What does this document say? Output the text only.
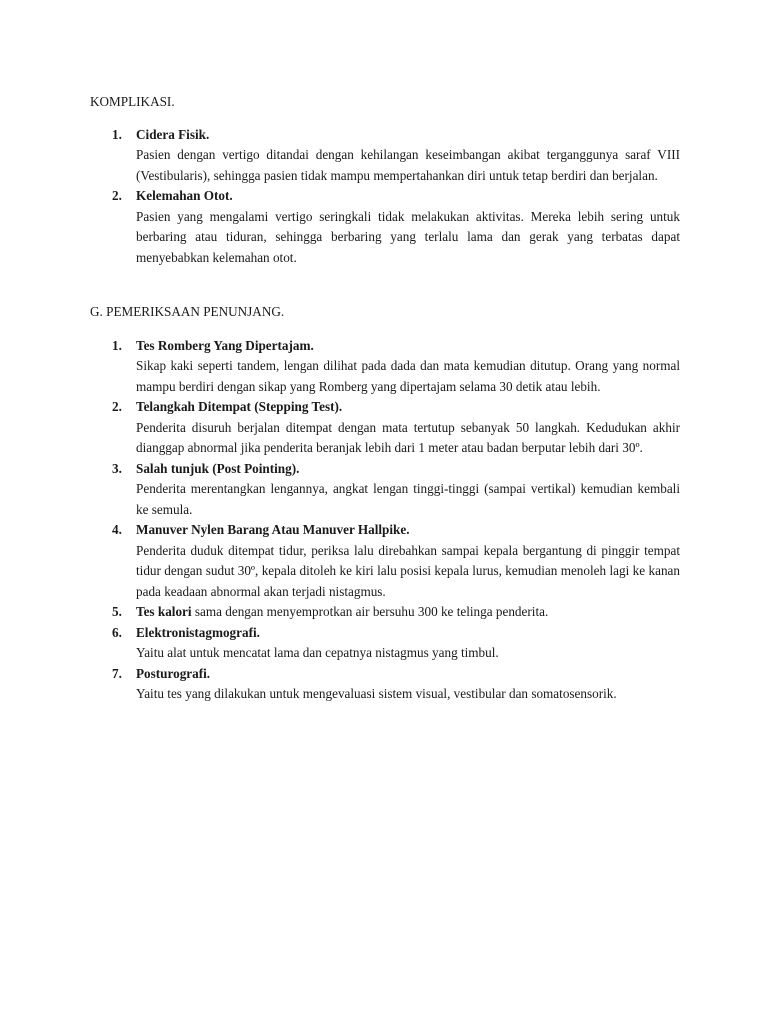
KOMPLIKASI.

1. Cidera Fisik.
Pasien dengan vertigo ditandai dengan kehilangan keseimbangan akibat terganggunya saraf VIII (Vestibularis), sehingga pasien tidak mampu mempertahankan diri untuk tetap berdiri dan berjalan.
2. Kelemahan Otot.
Pasien yang mengalami vertigo seringkali tidak melakukan aktivitas. Mereka lebih sering untuk berbaring atau tiduran, sehingga berbaring yang terlalu lama dan gerak yang terbatas dapat menyebabkan kelemahan otot.

G. PEMERIKSAAN PENUNJANG.

1. Tes Romberg Yang Dipertajam.
Sikap kaki seperti tandem, lengan dilihat pada dada dan mata kemudian ditutup. Orang yang normal mampu berdiri dengan sikap yang Romberg yang dipertajam selama 30 detik atau lebih.
2. Telangkah Ditempat (Stepping Test).
Penderita disuruh berjalan ditempat dengan mata tertutup sebanyak 50 langkah. Kedudukan akhir dianggap abnormal jika penderita beranjak lebih dari 1 meter atau badan berputar lebih dari 30º.
3. Salah tunjuk (Post Pointing).
Penderita merentangkan lengannya, angkat lengan tinggi-tinggi (sampai vertikal) kemudian kembali ke semula.
4. Manuver Nylen Barang Atau Manuver Hallpike.
Penderita duduk ditempat tidur, periksa lalu direbahkan sampai kepala bergantung di pinggir tempat tidur dengan sudut 30º, kepala ditoleh ke kiri lalu posisi kepala lurus, kemudian menoleh lagi ke kanan pada keadaan abnormal akan terjadi nistagmus.
5. Tes kalori sama dengan menyemprotkan air bersuhu 300 ke telinga penderita.
6. Elektronistagmografi.
Yaitu alat untuk mencatat lama dan cepatnya nistagmus yang timbul.
7. Posturografi.
Yaitu tes yang dilakukan untuk mengevaluasi sistem visual, vestibular dan somatosensorik.
